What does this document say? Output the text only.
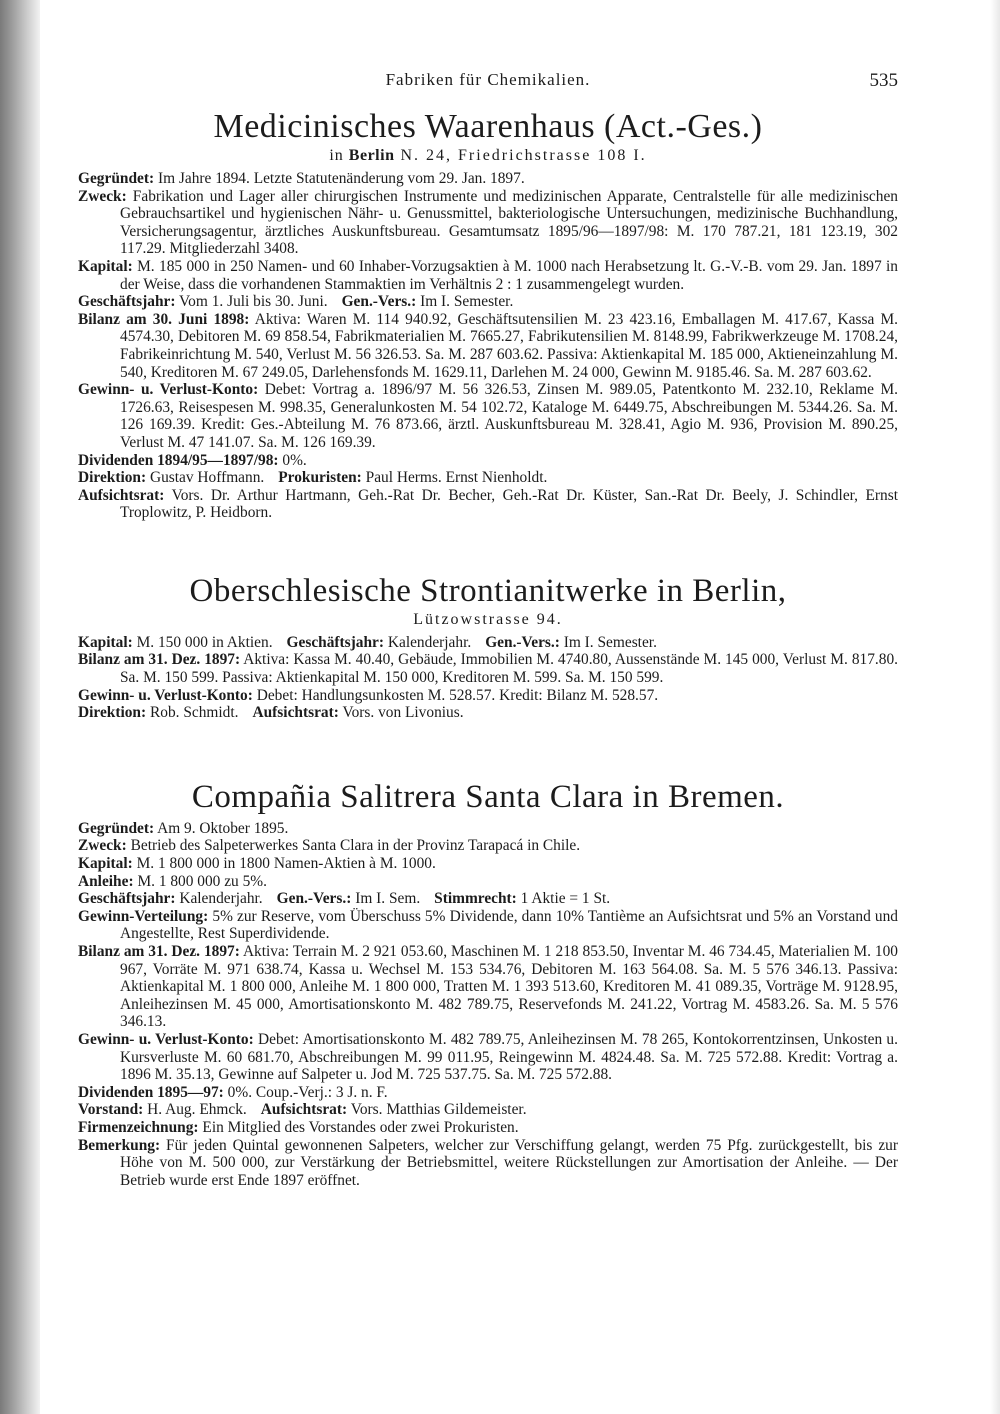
Fabriken für Chemikalien.	535
Medicinisches Waarenhaus (Act.-Ges.)
in Berlin N. 24, Friedrichstrasse 108 I.

Gegründet: Im Jahre 1894. Letzte Statutenänderung vom 29. Jan. 1897.

Zweck: Fabrikation und Lager aller chirurgischen Instrumente und medizinischen Apparate, Centralstelle für alle medizinischen Gebrauchsartikel und hygienischen Nähr- u. Genussmittel, bakteriologische Untersuchungen, medizinische Buchhandlung, Versicherungsagentur, ärztliches Auskunftsbureau. Gesamtumsatz 1895/96—1897/98: M. 170 787.21, 181 123.19, 302 117.29. Mitgliederzahl 3408.

Kapital: M. 185 000 in 250 Namen- und 60 Inhaber-Vorzugsaktien à M. 1000 nach Herabsetzung lt. G.-V.-B. vom 29. Jan. 1897 in der Weise, dass die vorhandenen Stammaktien im Verhältnis 2 : 1 zusammengelegt wurden.

Geschäftsjahr: Vom 1. Juli bis 30. Juni. Gen.-Vers.: Im I. Semester.

Bilanz am 30. Juni 1898: Aktiva: Waren M. 114 940.92, Geschäftsutensilien M. 23 423.16, Emballagen M. 417.67, Kassa M. 4574.30, Debitoren M. 69 858.54, Fabrikmaterialien M. 7665.27, Fabrikutensilien M. 8148.99, Fabrikwerkzeuge M. 1708.24, Fabrikeinrichtung M. 540, Verlust M. 56 326.53. Sa. M. 287 603.62. Passiva: Aktienkapital M. 185 000, Aktieneinzahlung M. 540, Kreditoren M. 67 249.05, Darlehensfonds M. 1629.11, Darlehen M. 24 000, Gewinn M. 9185.46. Sa. M. 287 603.62.

Gewinn- u. Verlust-Konto: Debet: Vortrag a. 1896/97 M. 56 326.53, Zinsen M. 989.05, Patentkonto M. 232.10, Reklame M. 1726.63, Reisespesen M. 998.35, Generalunkosten M. 54 102.72, Kataloge M. 6449.75, Abschreibungen M. 5344.26. Sa. M. 126 169.39. Kredit: Ges.-Abteilung M. 76 873.66, ärztl. Auskunftsbureau M. 328.41, Agio M. 936, Provision M. 890.25, Verlust M. 47 141.07. Sa. M. 126 169.39.

Dividenden 1894/95—1897/98: 0%.

Direktion: Gustav Hoffmann. Prokuristen: Paul Herms. Ernst Nienholdt.

Aufsichtsrat: Vors. Dr. Arthur Hartmann, Geh.-Rat Dr. Becher, Geh.-Rat Dr. Küster, San.-Rat Dr. Beely, J. Schindler, Ernst Troplowitz, P. Heidborn.

Oberschlesische Strontianitwerke in Berlin,
Lützowstrasse 94.

Kapital: M. 150 000 in Aktien. Geschäftsjahr: Kalenderjahr. Gen.-Vers.: Im I. Semester.

Bilanz am 31. Dez. 1897: Aktiva: Kassa M. 40.40, Gebäude, Immobilien M. 4740.80, Aussenstände M. 145 000, Verlust M. 817.80. Sa. M. 150 599. Passiva: Aktienkapital M. 150 000, Kreditoren M. 599. Sa. M. 150 599.

Gewinn- u. Verlust-Konto: Debet: Handlungsunkosten M. 528.57. Kredit: Bilanz M. 528.57.

Direktion: Rob. Schmidt. Aufsichtsrat: Vors. von Livonius.

Compañia Salitrera Santa Clara in Bremen.

Gegründet: Am 9. Oktober 1895.

Zweck: Betrieb des Salpeterwerkes Santa Clara in der Provinz Tarapacá in Chile.

Kapital: M. 1 800 000 in 1800 Namen-Aktien à M. 1000.

Anleihe: M. 1 800 000 zu 5%.

Geschäftsjahr: Kalenderjahr. Gen.-Vers.: Im I. Sem. Stimmrecht: 1 Aktie = 1 St.

Gewinn-Verteilung: 5% zur Reserve, vom Überschuss 5% Dividende, dann 10% Tantième an Aufsichtsrat und 5% an Vorstand und Angestellte, Rest Superdividende.

Bilanz am 31. Dez. 1897: Aktiva: Terrain M. 2 921 053.60, Maschinen M. 1 218 853.50, Inventar M. 46 734.45, Materialien M. 100 967, Vorräte M. 971 638.74, Kassa u. Wechsel M. 153 534.76, Debitoren M. 163 564.08. Sa. M. 5 576 346.13. Passiva: Aktienkapital M. 1 800 000, Anleihe M. 1 800 000, Tratten M. 1 393 513.60, Kreditoren M. 41 089.35, Vorträge M. 9128.95, Anleihezinsen M. 45 000, Amortisationskonto M. 482 789.75, Reservefonds M. 241.22, Vortrag M. 4583.26. Sa. M. 5 576 346.13.

Gewinn- u. Verlust-Konto: Debet: Amortisationskonto M. 482 789.75, Anleihezinsen M. 78 265, Kontokorrentzinsen, Unkosten u. Kursverluste M. 60 681.70, Abschreibungen M. 99 011.95, Reingewinn M. 4824.48. Sa. M. 725 572.88. Kredit: Vortrag a. 1896 M. 35.13, Gewinne auf Salpeter u. Jod M. 725 537.75. Sa. M. 725 572.88.

Dividenden 1895—97: 0%. Coup.-Verj.: 3 J. n. F.

Vorstand: H. Aug. Ehmck. Aufsichtsrat: Vors. Matthias Gildemeister.

Firmenzeichnung: Ein Mitglied des Vorstandes oder zwei Prokuristen.

Bemerkung: Für jeden Quintal gewonnenen Salpeters, welcher zur Verschiffung gelangt, werden 75 Pfg. zurückgestellt, bis zur Höhe von M. 500 000, zur Verstärkung der Betriebsmittel, weitere Rückstellungen zur Amortisation der Anleihe. — Der Betrieb wurde erst Ende 1897 eröffnet.
